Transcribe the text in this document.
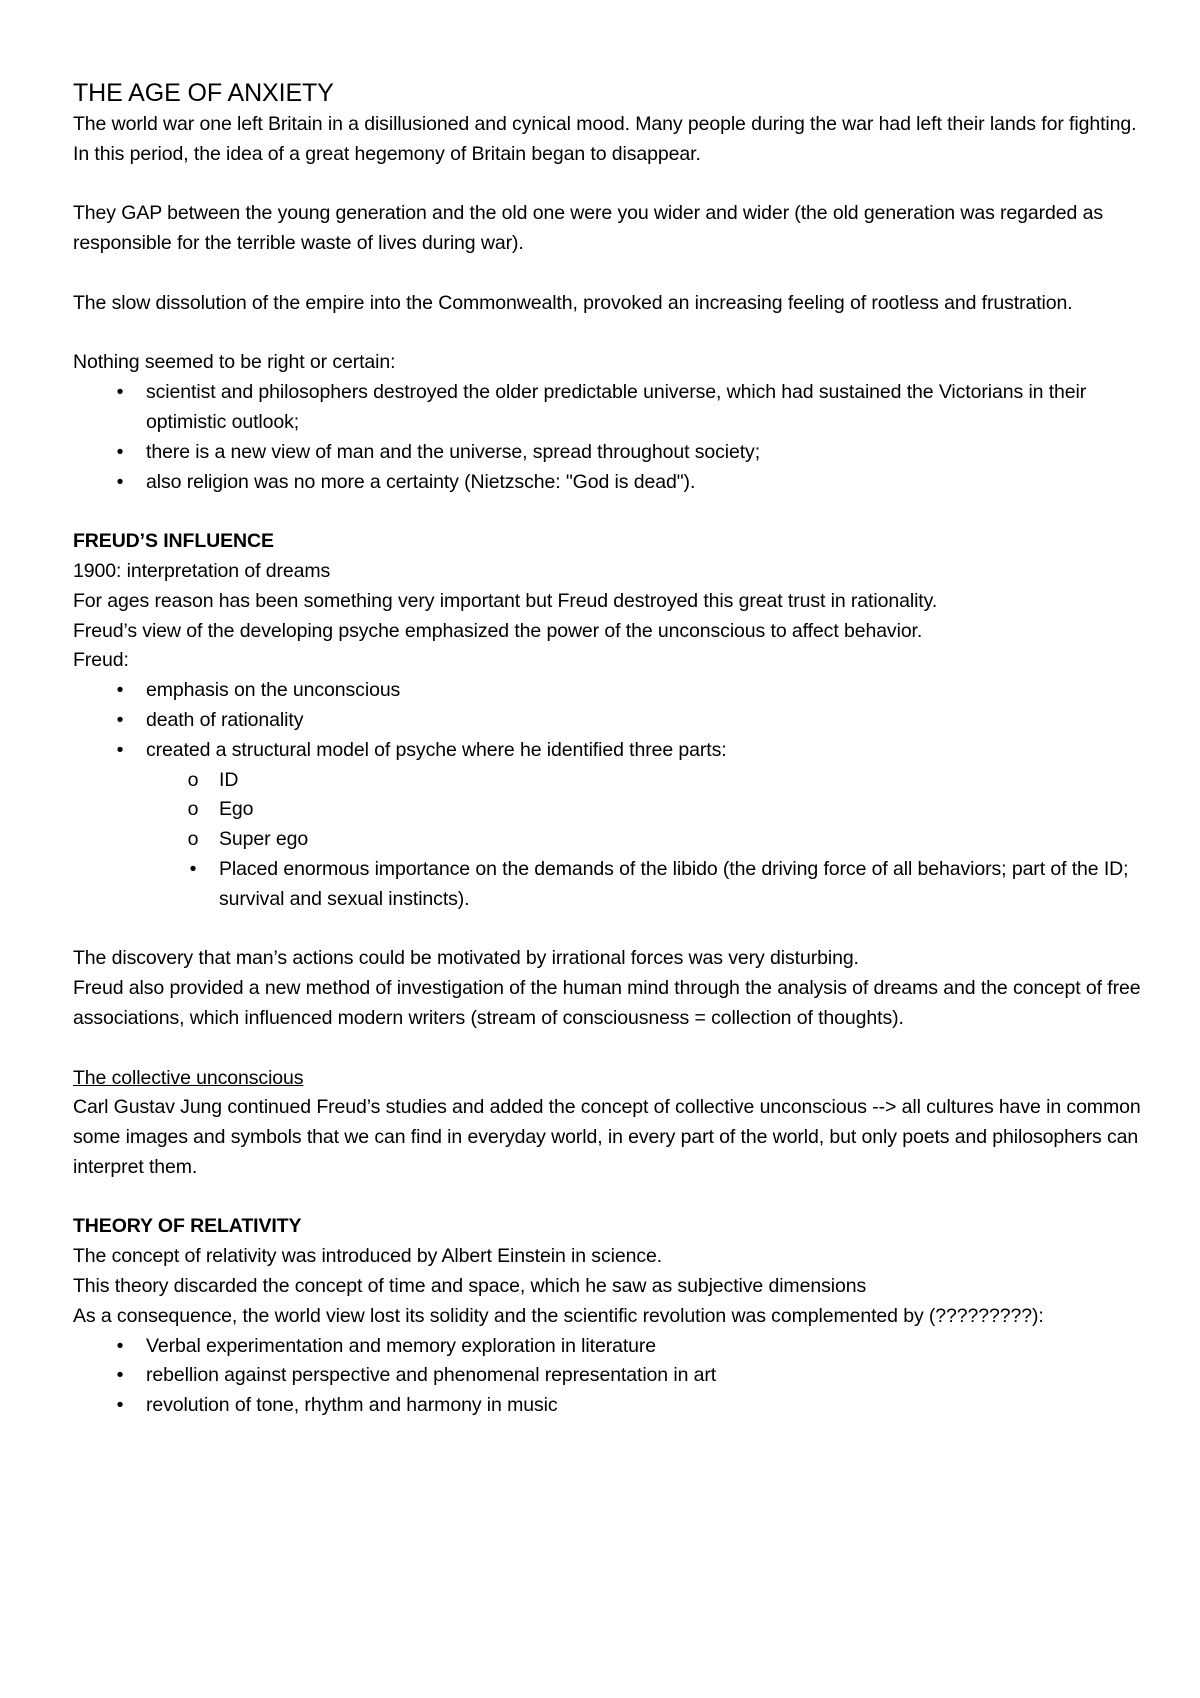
THE AGE OF ANXIETY

The world war one left Britain in a disillusioned and cynical mood. Many people during the war had left their lands for fighting. In this period, the idea of a great hegemony of Britain began to disappear.

They GAP between the young generation and the old one were you wider and wider (the old generation was regarded as responsible for the terrible waste of lives during war).

The slow dissolution of the empire into the Commonwealth, provoked an increasing feeling of rootless and frustration.

Nothing seemed to be right or certain:

•	scientist and philosophers destroyed the older predictable universe, which had sustained the Victorians in their optimistic outlook;
•	there is a new view of man and the universe, spread throughout society;
•	also religion was no more a certainty (Nietzsche: "God is dead").

FREUD’S INFLUENCE

1900: interpretation of dreams

For ages reason has been something very important but Freud destroyed this great trust in rationality.

Freud’s view of the developing psyche emphasized the power of the unconscious to affect behavior.

Freud:

•	emphasis on the unconscious
•	death of rationality
•	created a structural model of psyche where he identified three parts:
o ID
o Ego
o Super ego
•	Placed enormous importance on the demands of the libido (the driving force of all behaviors; part of the ID; survival and sexual instincts).

The discovery that man’s actions could be motivated by irrational forces was very disturbing.

Freud also provided a new method of investigation of the human mind through the analysis of dreams and the concept of free associations, which influenced modern writers (stream of consciousness = collection of thoughts).

The collective unconscious

Carl Gustav Jung continued Freud’s studies and added the concept of collective unconscious --> all cultures have in common some images and symbols that we can find in everyday world, in every part of the world, but only poets and philosophers can interpret them.

THEORY OF RELATIVITY

The concept of relativity was introduced by Albert Einstein in science.

This theory discarded the concept of time and space, which he saw as subjective dimensions

As a consequence, the world view lost its solidity and the scientific revolution was complemented by (?????????):

•	Verbal experimentation and memory exploration in literature
•	rebellion against perspective and phenomenal representation in art
•	revolution of tone, rhythm and harmony in music
